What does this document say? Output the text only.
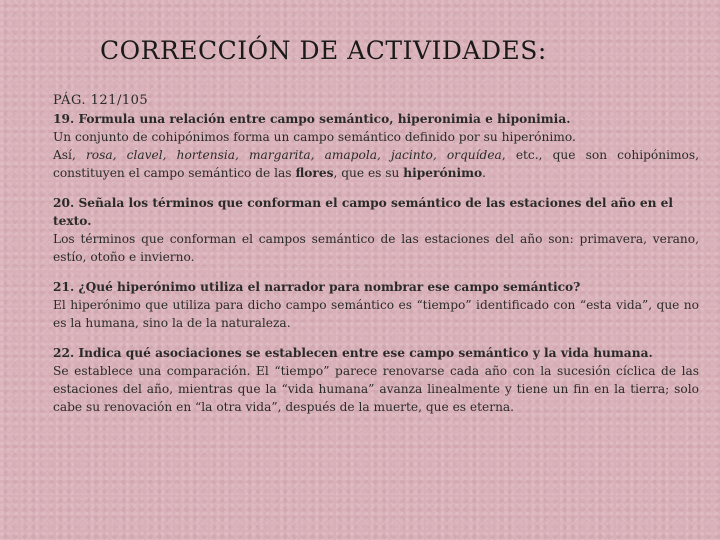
CORRECCIÓN DE ACTIVIDADES:
PÁG. 121/105
19. Formula una relación entre campo semántico, hiperonimia e hiponimia.
Un conjunto de cohipónimos forma un campo semántico definido por su hiperónimo.
Así, rosa, clavel, hortensia, margarita, amapola, jacinto, orquídea, etc., que son cohipónimos, constituyen el campo semántico de las flores, que es su hiperónimo.
20. Señala los términos que conforman el campo semántico de las estaciones del año en el texto.
Los términos que conforman el campos semántico de las estaciones del año son: primavera, verano, estío, otoño e invierno.
21. ¿Qué hiperónimo utiliza el narrador para nombrar ese campo semántico?
El hiperónimo que utiliza para dicho campo semántico es “tiempo” identificado con “esta vida”, que no es la humana, sino la de la naturaleza.
22. Indica qué asociaciones se establecen entre ese campo semántico y la vida humana.
Se establece una comparación. El “tiempo” parece renovarse cada año con la sucesión cíclica de las estaciones del año, mientras que la “vida humana” avanza linealmente y tiene un fin en la tierra; solo cabe su renovación en “la otra vida”, después de la muerte, que es eterna.
